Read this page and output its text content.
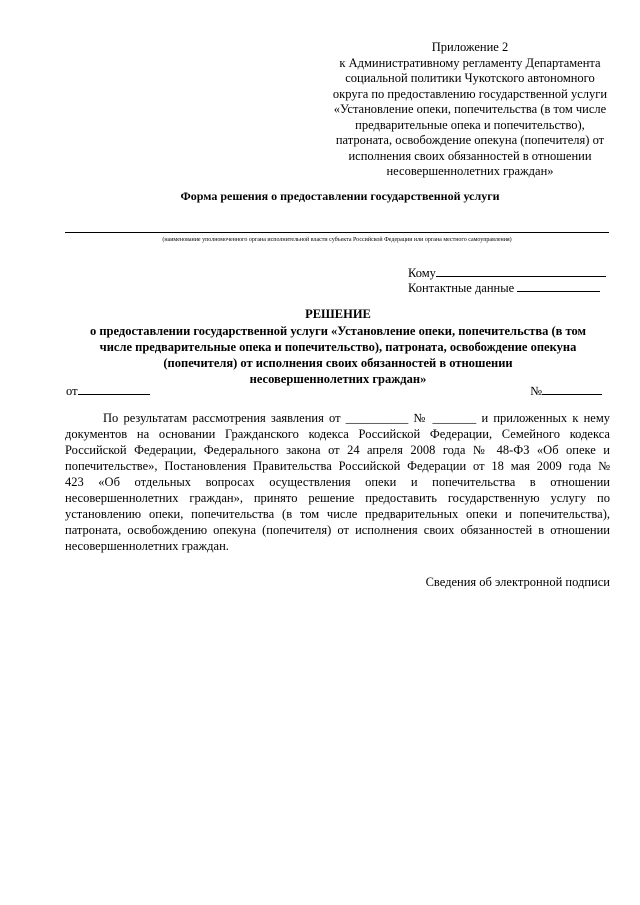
Приложение 2
к Административному регламенту Департамента
социальной политики Чукотского автономного
округа по предоставлению государственной услуги
«Установление опеки, попечительства (в том числе
предварительные опека и попечительство),
патроната, освобождение опекуна (попечителя) от
исполнения своих обязанностей в отношении
несовершеннолетних граждан»
Форма решения о предоставлении государственной услуги
(наименование уполномоченного органа исполнительной власти субъекта Российской Федерации или органа местного самоуправления)
Кому
Контактные данные
РЕШЕНИЕ
о предоставлении государственной услуги «Установление опеки, попечительства (в том
числе предварительные опека и попечительство), патроната, освобождение опекуна
(попечителя) от исполнения своих обязанностей в отношении
несовершеннолетних граждан»
от	№
По результатам рассмотрения заявления от __________ № _______ и приложенных к нему
документов на основании Гражданского кодекса Российской Федерации, Семейного кодекса
Российской Федерации, Федерального закона от 24 апреля 2008 года № 48-ФЗ «Об опеке и
попечительстве», Постановления Правительства Российской Федерации от 18 мая 2009 года №
423 «Об отдельных вопросах осуществления опеки и попечительства в отношении
несовершеннолетних граждан», принято решение предоставить государственную услугу по
установлению опеки, попечительства (в том числе предварительных опеки и попечительства),
патроната, освобождению опекуна (попечителя) от исполнения своих обязанностей в отношении
несовершеннолетних граждан.
Сведения об электронной подписи
